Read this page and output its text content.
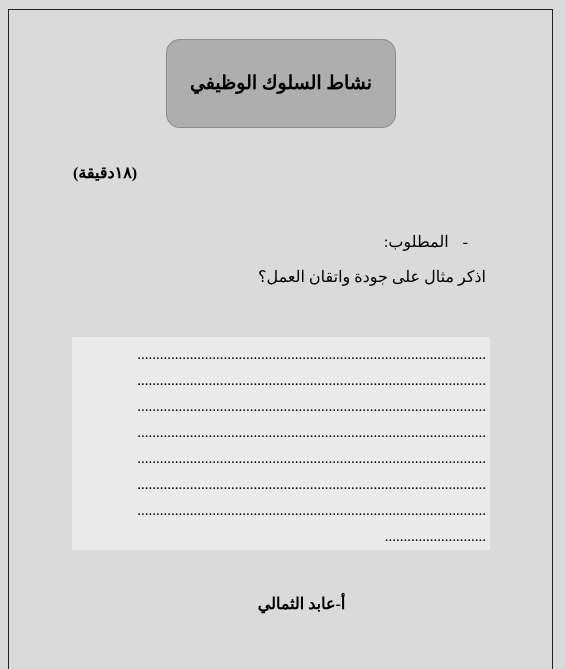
نشاط السلوك الوظيفي
(١٨دقيقة)
-المطلوب:
اذكر مثال على جودة واتقان العمل؟
.............................................................................................
.............................................................................................
.............................................................................................
.............................................................................................
.............................................................................................
.............................................................................................
.............................................................................................
...........................
أ-عابد الثمالي
